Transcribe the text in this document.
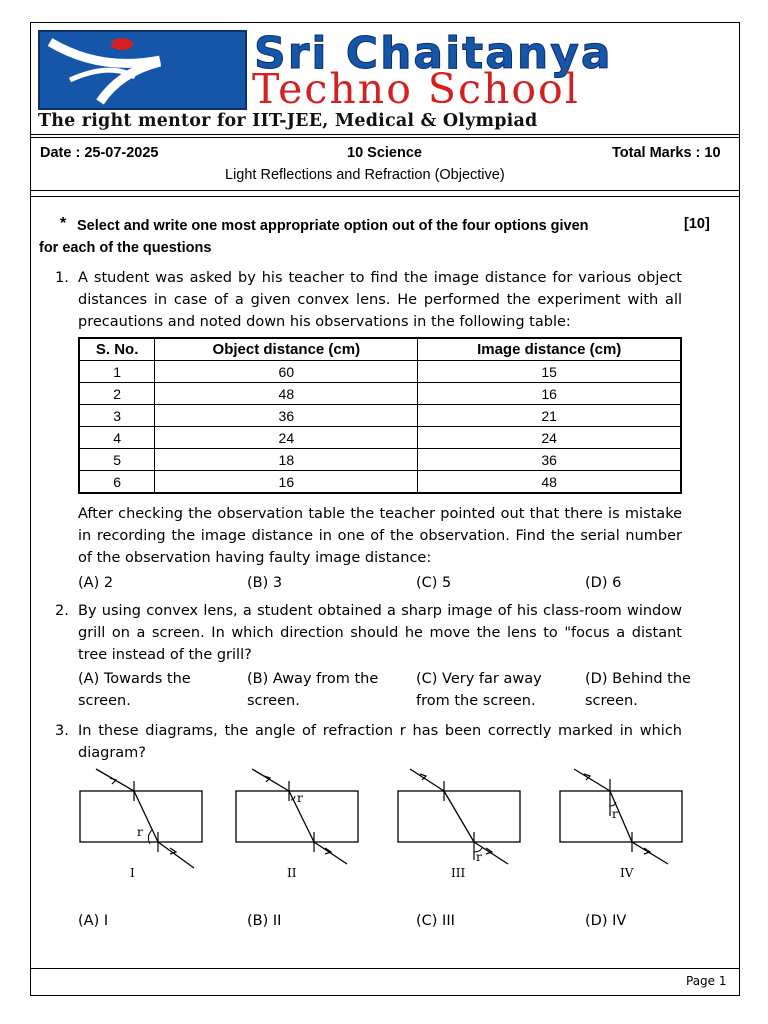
Sri Chaitanya
Techno School
The right mentor for IIT-JEE, Medical & Olympiad
Date : 25-07-2025	10 Science	Total Marks : 10
Light Reflections and Refraction (Objective)
* Select and write one most appropriate option out of the four options given	[10]
for each of the questions
1. A student was asked by his teacher to find the image distance for various object distances in case of a given convex lens. He performed the experiment with all precautions and noted down his observations in the following table:
S. No.	Object distance (cm)	Image distance (cm)
1	60	15
2	48	16
3	36	21
4	24	24
5	18	36
6	16	48
After checking the observation table the teacher pointed out that there is mistake in recording the image distance in one of the observation. Find the serial number of the observation having faulty image distance:
(A) 2	(B) 3	(C) 5	(D) 6
2. By using convex lens, a student obtained a sharp image of his class-room window grill on a screen. In which direction should he move the lens to "focus a distant tree instead of the grill?
(A) Towards the screen.
(B) Away from the screen.
(C) Very far away from the screen.
(D) Behind the screen.
3. In these diagrams, the angle of refraction r has been correctly marked in which diagram?
r
I
r
II
r
III
r
IV
(A) I	(B) II	(C) III	(D) IV
Page 1
